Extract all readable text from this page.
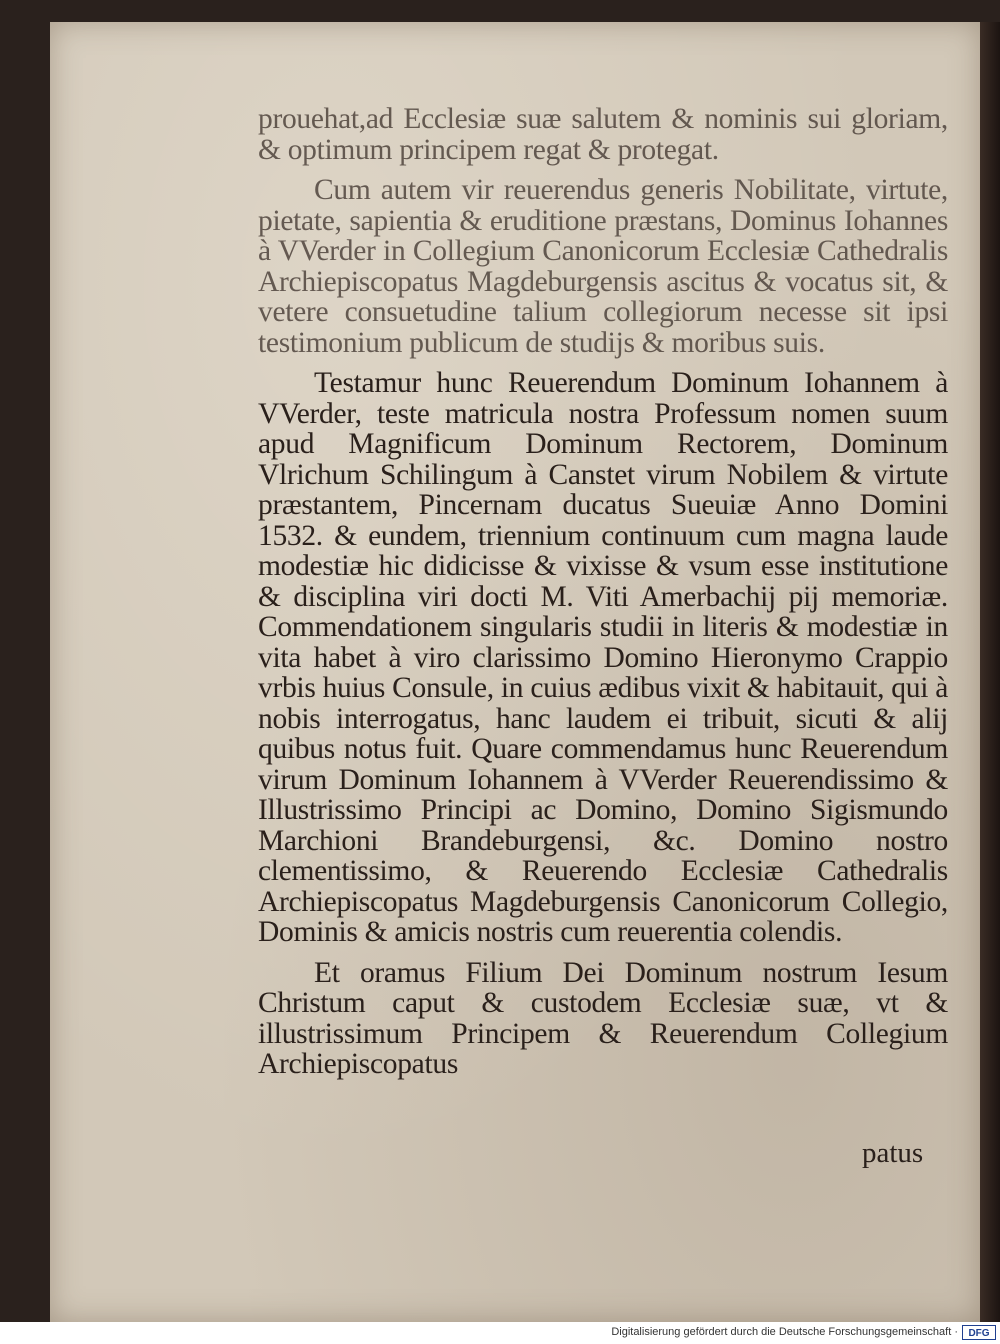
prouehat,ad Ecclesiæ suæ salutem & nominis sui gloriam, & optimum principem regat & protegat.

Cum autem vir reuerendus generis Nobilitate, virtute, pietate, sapientia & eruditione præstans, Dominus Iohannes à VVerder in Collegium Canonicorum Ecclesiæ Cathedralis Archiepiscopatus Magdeburgensis ascitus & vocatus sit, & vetere consuetudine talium collegiorum necesse sit ipsi testimonium publicum de studijs & moribus suis.

Testamur hunc Reuerendum Dominum Iohannem à VVerder, teste matricula nostra Professum nomen suum apud Magnificum Dominum Rectorem, Dominum Vlrichum Schilingum à Canstet virum Nobilem & virtute præstantem, Pincernam ducatus Sueuiæ Anno Domini 1532. & eundem, triennium continuum cum magna laude modestiæ hic didicisse & vixisse & vsum esse institutione & disciplina viri docti M. Viti Amerbachij pij memoriæ. Commendationem singularis studii in literis & modestiæ in vita habet à viro clarissimo Domino Hieronymo Crappio vrbis huius Consule, in cuius ædibus vixit & habitauit, qui à nobis interrogatus, hanc laudem ei tribuit, sicuti & alij quibus notus fuit. Quare commendamus hunc Reuerendum virum Dominum Iohannem à VVerder Reuerendissimo & Illustrissimo Principi ac Domino, Domino Sigismundo Marchioni Brandeburgensi, &c. Domino nostro clementissimo, & Reuerendo Ecclesiæ Cathedralis Archiepiscopatus Magdeburgensis Canonicorum Collegio, Dominis & amicis nostris cum reuerentia colendis.

Et oramus Filium Dei Dominum nostrum Iesum Christum caput & custodem Ecclesiæ suæ, vt & illustrissimum Principem & Reuerendum Collegium Archiepiscopatus

patus
Digitalisierung gefördert durch die Deutsche Forschungsgemeinschaft ·	DFG
